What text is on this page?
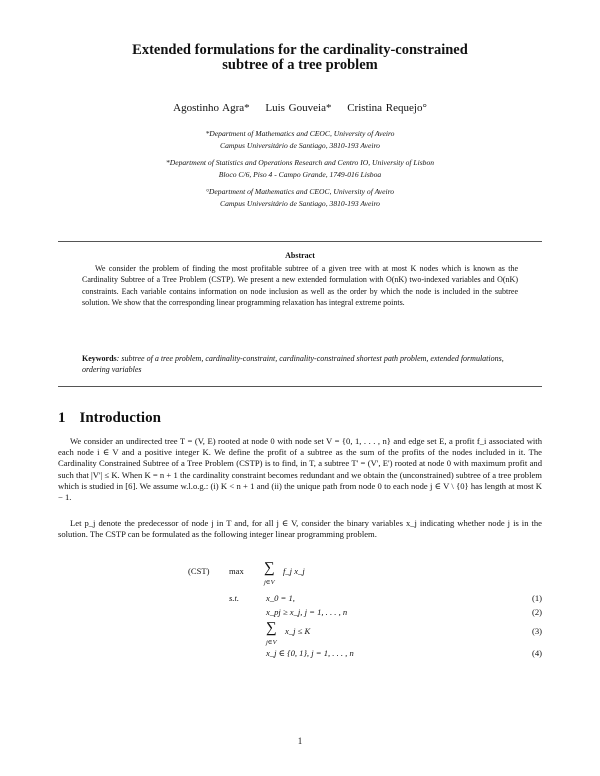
Extended formulations for the cardinality-constrained
subtree of a tree problem
Agostinho Agra* Luis Gouveia* Cristina Requejo°
*Department of Mathematics and CEOC, University of Aveiro
Campus Universitário de Santiago, 3810-193 Aveiro
*Department of Statistics and Operations Research and Centro IO, University of Lisbon
Bloco C/6, Piso 4 - Campo Grande, 1749-016 Lisboa
°Department of Mathematics and CEOC, University of Aveiro
Campus Universitário de Santiago, 3810-193 Aveiro
Abstract
We consider the problem of finding the most profitable subtree of a given tree with at most K nodes which is known as the Cardinality Subtree of a Tree Problem (CSTP). We present a new extended formulation with O(nK) two-indexed variables and O(nK) constraints. Each variable contains information on node inclusion as well as the order by which the node is included in the subtree solution. We show that the corresponding linear programming relaxation has integral extreme points.
Keywords: subtree of a tree problem, cardinality-constraint, cardinality-constrained shortest path problem, extended formulations, ordering variables
1 Introduction
We consider an undirected tree T = (V, E) rooted at node 0 with node set V = {0, 1, . . . , n} and edge set E, a profit f_i associated with each node i ∈ V and a positive integer K. We define the profit of a subtree as the sum of the profits of the nodes included in it. The Cardinality Constrained Subtree of a Tree Problem (CSTP) is to find, in T, a subtree T' = (V', E') rooted at node 0 with maximum profit and such that |V'| ≤ K. When K = n + 1 the cardinality constraint becomes redundant and we obtain the (unconstrained) subtree of a tree problem which is studied in [6]. We assume w.l.o.g.: (i) K < n + 1 and (ii) the unique path from node 0 to each node j ∈ V \ {0} has length at most K − 1.
Let p_j denote the predecessor of node j in T and, for all j ∈ V, consider the binary variables x_j indicating whether node j is in the solution. The CSTP can be formulated as the following integer linear programming problem.
(CST) max ∑
j∈V
f_j x_j
s.t.	x_0 = 1,	(1)
x_pj ≥ x_j, j = 1, . . . , n	(2)
∑
j∈V
x_j ≤ K	(3)
x_j ∈ {0, 1}, j = 1, . . . , n	(4)
1
